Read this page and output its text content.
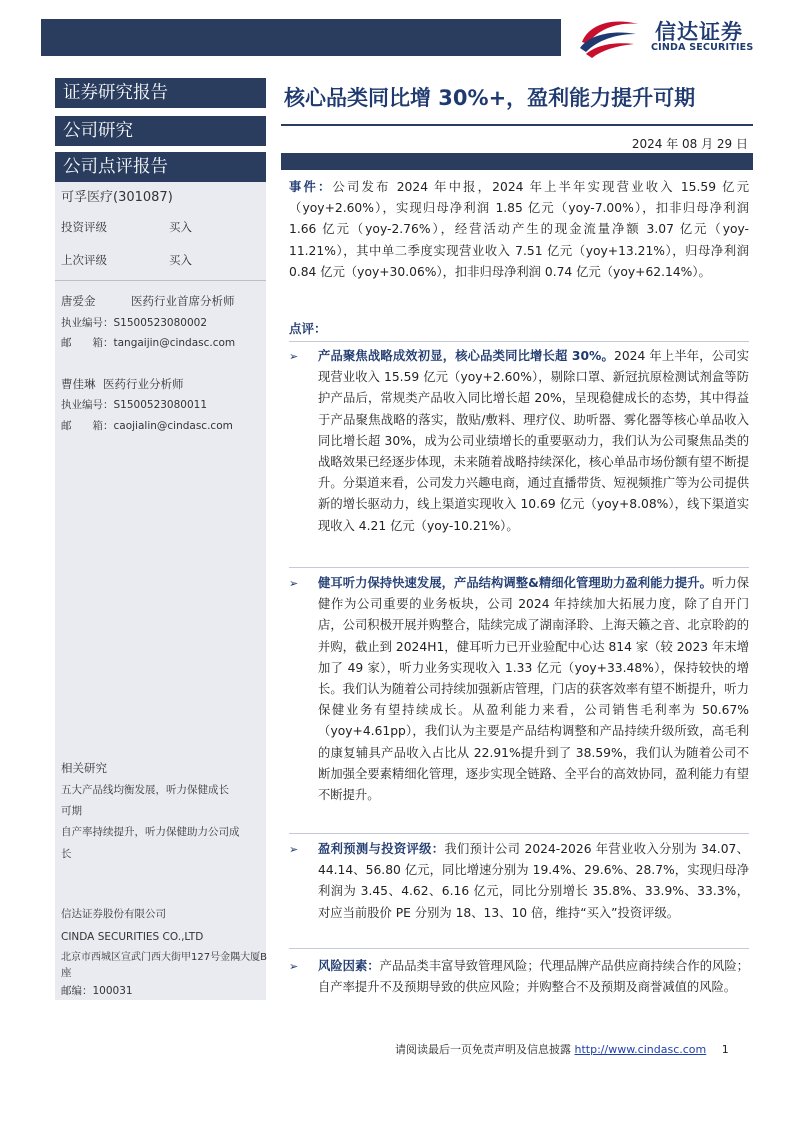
信达证券
CINDA SECURITIES
证券研究报告
公司研究
公司点评报告
可孚医疗(301087)
投资评级	买入
上次评级	买入
唐爱金	医药行业首席分析师
执业编号：S1500523080002
邮　　箱：tangaijin@cindasc.com
曹佳琳 医药行业分析师
执业编号：S1500523080011
邮　　箱：caojialin@cindasc.com
相关研究
五大产品线均衡发展，听力保健成长
可期
自产率持续提升，听力保健助力公司成
长
信达证券股份有限公司
CINDA SECURITIES CO.,LTD
北京市西城区宣武门西大街甲127号金隅大厦B
座
邮编：100031
核心品类同比增 30%+，盈利能力提升可期
2024 年 08 月 29 日
事件：公司发布 2024 年中报，2024 年上半年实现营业收入 15.59 亿元（yoy+2.60%），实现归母净利润 1.85 亿元（yoy-7.00%），扣非归母净利润 1.66 亿元（yoy-2.76%），经营活动产生的现金流量净额 3.07 亿元（yoy-11.21%），其中单二季度实现营业收入 7.51 亿元（yoy+13.21%），归母净利润 0.84 亿元（yoy+30.06%），扣非归母净利润 0.74 亿元（yoy+62.14%）。
点评：
➢ 产品聚焦战略成效初显，核心品类同比增长超 30%。2024 年上半年，公司实现营业收入 15.59 亿元（yoy+2.60%），剔除口罩、新冠抗原检测试剂盒等防护产品后，常规类产品收入同比增长超 20%，呈现稳健成长的态势，其中得益于产品聚焦战略的落实，散贴/敷料、理疗仪、助听器、雾化器等核心单品收入同比增长超 30%，成为公司业绩增长的重要驱动力，我们认为公司聚焦品类的战略效果已经逐步体现，未来随着战略持续深化，核心单品市场份额有望不断提升。分渠道来看，公司发力兴趣电商，通过直播带货、短视频推广等为公司提供新的增长驱动力，线上渠道实现收入 10.69 亿元（yoy+8.08%），线下渠道实现收入 4.21 亿元（yoy-10.21%）。
➢ 健耳听力保持快速发展，产品结构调整&精细化管理助力盈利能力提升。听力保健作为公司重要的业务板块，公司 2024 年持续加大拓展力度，除了自开门店，公司积极开展并购整合，陆续完成了湖南泽聆、上海天籁之音、北京聆韵的并购，截止到 2024H1，健耳听力已开业验配中心达 814 家（较 2023 年末增加了 49 家），听力业务实现收入 1.33 亿元（yoy+33.48%），保持较快的增长。我们认为随着公司持续加强新店管理，门店的获客效率有望不断提升，听力保健业务有望持续成长。从盈利能力来看，公司销售毛利率为 50.67%（yoy+4.61pp），我们认为主要是产品结构调整和产品持续升级所致，高毛利的康复辅具产品收入占比从 22.91%提升到了 38.59%，我们认为随着公司不断加强全要素精细化管理，逐步实现全链路、全平台的高效协同，盈利能力有望不断提升。
➢ 盈利预测与投资评级：我们预计公司 2024-2026 年营业收入分别为 34.07、44.14、56.80 亿元，同比增速分别为 19.4%、29.6%、28.7%，实现归母净利润为 3.45、4.62、6.16 亿元，同比分别增长 35.8%、33.9%、33.3%，对应当前股价 PE 分别为 18、13、10 倍，维持“买入”投资评级。
➢ 风险因素：产品品类丰富导致管理风险；代理品牌产品供应商持续合作的风险；自产率提升不及预期导致的供应风险；并购整合不及预期及商誉减值的风险。
请阅读最后一页免责声明及信息披露 http://www.cindasc.com 1
